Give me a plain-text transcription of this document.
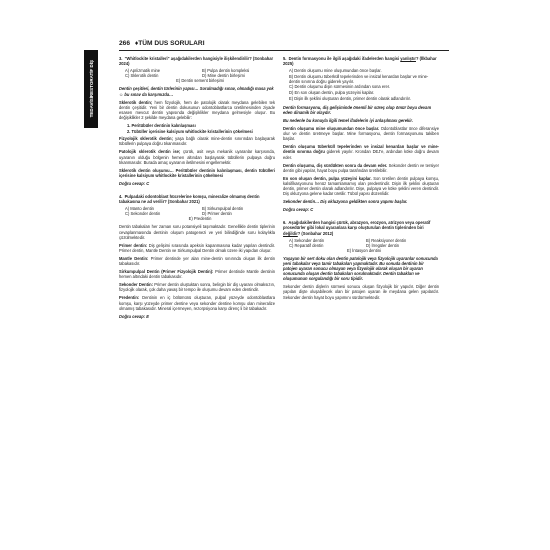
RESTORATİF DİŞ
TEDAVİSİ
266 ♦TÜM DUS SORULARI
3. "Whitlockite kristalleri" aşağıdakilerden hangisiyle ilişkilendirilir? (Sonbahar 2024)
A) Apriizmatik mine	B) Pulpa dentin kompleksi
C) Sklerotik dentin	D) Mine dentin birleşimi
E) Dentin sement birleşimi
Dentin çeşitleri, dentin türlerinin yapısı… Sorulmadığı sınav, olmadığı masa yok ☺ bu sınav da karşımızda…

Sklerotik dentin; hem fizyolojik, hem de patolojik olarak meydana gelebilen tek dentin çeşitidir. Yeni bir dentin dokusunun odontoblastlarca üretilmesinden ziyade esasen mevcut dentin yapısında değişiklikler meydana gelmesiyle oluşur. Bu değişiklikler 2 şekilde meydana gelebilir:

1. Peritübüler dentinin kalınlaşması
2. Tübüller içerisine kalsiyum whitlockite kristallerinin çökelmesi

Fizyolojik sklerotik dentin; yaşa bağlı olarak mine-dentin sınırından başlayarak tübüllerin pulpaya doğru tıkanmasıdır.

Patolojik sklerotik dentin ise; çürük, asit veya mekanik uyaranlar karşısında, uyaranın olduğu bölgenin hemen altından başlayarak tübüllerin pulpaya doğru tıkanmasıdır. Burada amaç uyaranın iletilmesini engellemektir.

Sklerotik dentin oluşumu… Peritübüler dentinin kalınlaşması, dentin tübülleri içerisine kalsiyum whitlockite kristallerinin çökelmesi

Doğru cevap: C
4. Pulpadaki odontoblast hücrelerine komşu, mineralize olmamış dentin tabakasına ne ad verilir? (Sonbahar 2021)
A) Manto dentin	B) Sirkumpulpal dentin
C) Sekonder dentin	D) Primer dentin
E) Predentin

Dentin tabakaları her zaman soru potansiyeli taşımaktadır. Genellikle dentin tiplerinin cevaplanmasında dentinin oluşum patogenezi ve yeri bilindiğinde soru kolaylıkla çözülmektedir.

Primer dentin: Diş gelişimi sırasında apeksin kapanmasına kadar yapılan dentindir. Primer dentin, Mantle Dentin ve Sirkumpulpal Dentin olmak üzere iki yapıdan oluşur.

Mantle Dentin: Primer dentinde yer alan mine-dentin sınırında oluşan ilk dentin tabakasıdır.

Sirkumpulpal Dentin (Primer Fizyolojik Dentin): Primer dentinde Mantle dentinin hemen altındaki dentin tabakasıdır.

Sekonder Dentin: Primer dentin oluştuktan sonra, belirgin bir diş uyaranı olmaksızın, fizyolojik olarak, çok daha yavaş bir tempo ile oluşumu devam eden dentindir.

Predentin: Dentinin en iç bölümünü oluşturan, pulpal yüzeyde odontoblastlara komşu, karşı yüzeyde primer dentine veya sekonder dentine komşu olan mineralize olmamış tabakasıdır. Mineral içermeyen, rezorpsiyona karşı direnç li bir tabakadır.

Doğru cevap: E
5. Dentin formasyonu ile ilgili aşağıdaki ifadelerden hangisi yanlıştır? (İlkbahar 2025)
A) Dentin oluşumu mine oluşumundan önce başlar.
B) Dentin oluşumu tüberküll tepelerinden ve insizal kenardan başlar ve mine-dentin sınırına doğru giderek yayılır.
C) Dentin oluşumu dişin sürmesinin ardından sona erer.
D) En son oluşan dentin, pulpa yüzeyini kaplar.
E) Dişin ilk şeklini oluşturan dentin, primer dentin olarak adlandırılır.
Dentin formasyonu, diş gelişiminde önemli bir süreç olup ömür boyu devam eden dinamik bir olaydır.
Bu nedenle bu konuyla ilgili temel ifadelerin iyi anlaşılması gerekir.

Dentin oluşumu mine oluşumundan önce başlar. Odontoblastlar önce diferansiye olur ve dentin üretmeye başlar. Mine formasyonu, dentin formasyonunu takiben başlar.

Dentin oluşumu tüberküll tepelerinden ve insizal kenardan başlar ve mine-dentin sınırına doğru giderek yayılır. Krondan DEJ'e, ardından köke doğru devam eder.

Dentin oluşumu, diş sürdükten sonra da devam eder. Sekonder dentin ve tersiyer dentin gibi yapılar, hayat boyu pulpa tarafından üretilebilir.

En son oluşan dentin, pulpa yüzeyini kaplar. Son üretilen dentin pulpaya komşu, kalsifikasyonunu henüz tamamlamamış olan predentindir. Dişin ilk şeklini oluşturan dentin, primer dentin olarak adlandırılır. Dişe, pulpaya ve köke şeklini veren dentindir. Diş okluzyona gelene kadar üretilir. Tübül yapısı düzenlidir.

Sekonder dentin… Diş okluzyona geldikten sonra yapımı başlar.

Doğru cevap: C
6. Aşağıdakilerden hangisi çürük, abrazyon, erozyon, atrizyon veya operatif prosedürler gibi lokal uyaranlara karşı oluşturulan dentin tiplerinden biri değildir? (Sonbahar 2012)
A) Sekonder dentin	B) Reaksiyoner dentin
C) Reparatif dentin	D) İrregüler dentin
E) İntasyon dentini
Yaşayan bir sert doku olan dentin patolojik veya fizyolojik uyaranlar sonucunda yeni tabakalar veya tamir tabakaları yapmaktadır. Bu sonuda dentinin bir patojen uyaran sonucu olmayan veya fizyolojik olarak oluşan bir uyaran sonucunda oluşan dentin tabakaları sorulmaktadır. Dentin tabakları ve oluşumunun sorgulandığı bir soru tipidir.

Sekonder dentin dişlerin sürmesi sonucu oluşan fizyolojik bir yapıdır. Diğer dentin yapıları dişte oluşabilecek olan bir patojen uyaran ile meydana gelen yapılardır. Sekonder dentin hayat boyu yapımını sürdürmektedir.
